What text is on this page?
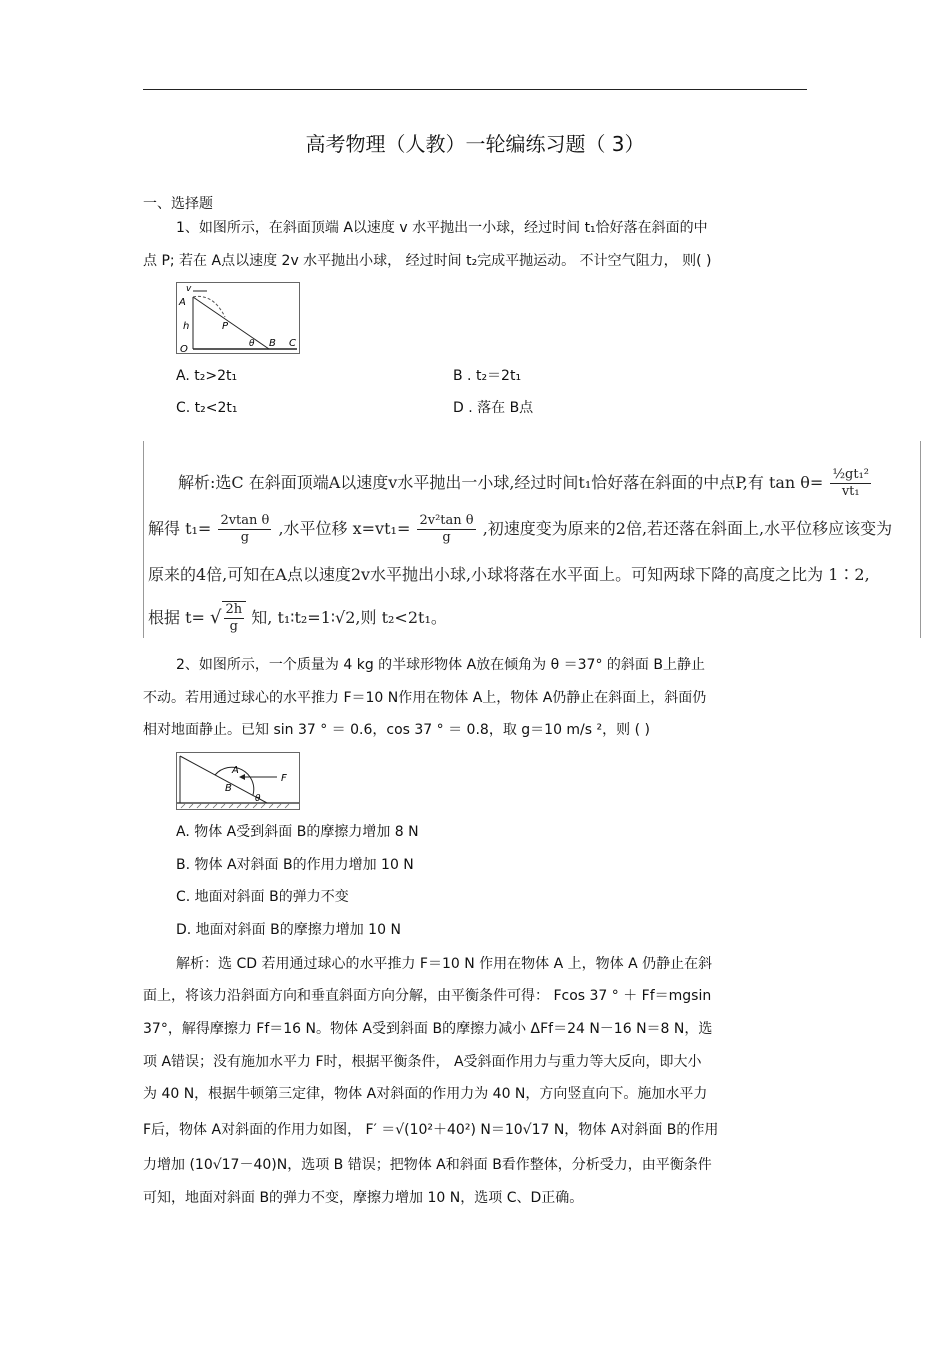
高考物理（人教）一轮编练习题（ 3）
一、选择题
1、如图所示，在斜面顶端 A以速度 v 水平抛出一小球，经过时间 t₁恰好落在斜面的中
点 P; 若在 A点以速度 2v 水平抛出小球， 经过时间 t₂完成平抛运动。 不计空气阻力， 则( )
v
A
h	P
O	θ B C
A. t₂>2t₁	B . t₂＝2t₁
C. t₂<2t₁	D . 落在 B点
解析:选C 在斜面顶端A以速度v水平抛出一小球,经过时间t₁恰好落在斜面的中点P,有 $\tan \theta= \frac{\text{½gt₁²}}{\text{vt₁}}$
解得 $t_1= \frac{\text{2vtan θ}}{g}$ ,水平位移 $x=vt_1= \frac{\text{2v²tan θ}}{g}$ ,初速度变为原来的2倍,若还落在斜面上,水平位移应该变为
原来的4倍,可知在A点以速度2v水平抛出小球,小球将落在水平面上。可知两球下降的高度之比为 1∶2,
根据 t= √ $\frac{2h}{g}$ 知, t₁∶t₂=1∶√2,则 t₂<2t₁。
2、如图所示，一个质量为 4 kg 的半球形物体 A放在倾角为 θ ＝37° 的斜面 B上静止
不动。若用通过球心的水平推力 F＝10 N作用在物体 A上，物体 A仍静止在斜面上，斜面仍
相对地面静止。已知 sin 37 ° ＝ 0.6，cos 37 ° ＝ 0.8，取 g＝10 m/s ²，则 ( )
A
B
F
θ
A. 物体 A受到斜面 B的摩擦力增加 8 N
B. 物体 A对斜面 B的作用力增加 10 N
C. 地面对斜面 B的弹力不变
D. 地面对斜面 B的摩擦力增加 10 N
解析：选 CD 若用通过球心的水平推力 F＝10 N 作用在物体 A 上，物体 A 仍静止在斜
面上，将该力沿斜面方向和垂直斜面方向分解，由平衡条件可得： Fcos 37 ° ＋ Ff＝mgsin
37°，解得摩擦力 Ff＝16 N。物体 A受到斜面 B的摩擦力减小 ΔFf＝24 N－16 N＝8 N，选
项 A错误；没有施加水平力 F时，根据平衡条件， A受斜面作用力与重力等大反向，即大小
为 40 N，根据牛顿第三定律，物体 A对斜面的作用力为 40 N，方向竖直向下。施加水平力
F后，物体 A对斜面的作用力如图， F′ ＝√(10²＋40²) N＝10√17 N，物体 A对斜面 B的作用
力增加 (10√17－40)N，选项 B 错误；把物体 A和斜面 B看作整体，分析受力，由平衡条件
可知，地面对斜面 B的弹力不变，摩擦力增加 10 N，选项 C、D正确。
